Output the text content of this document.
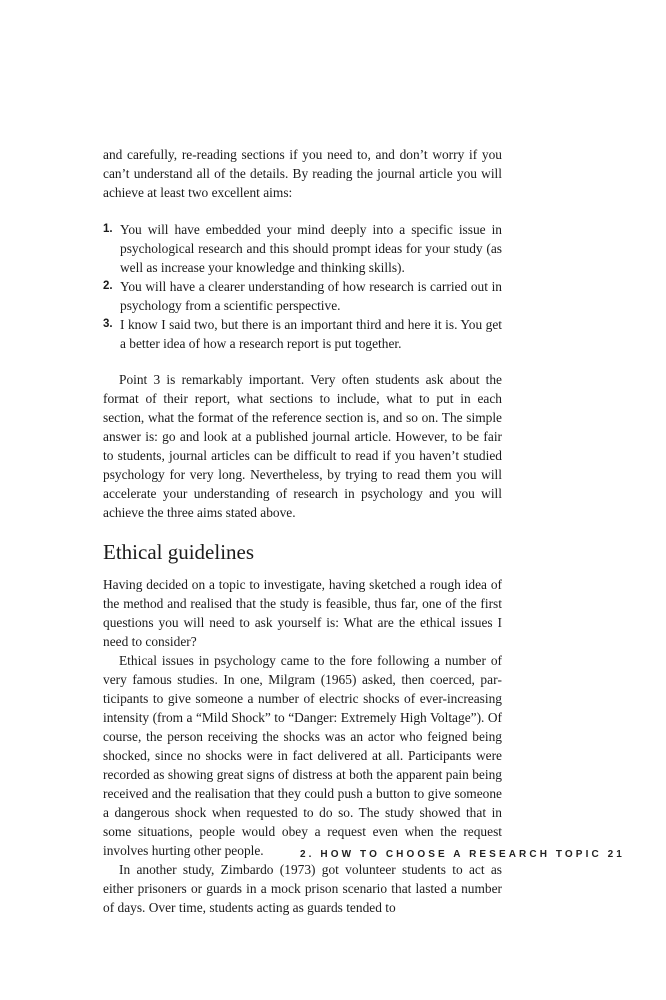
and carefully, re-reading sections if you need to, and don’t worry if you can’t understand all of the details. By reading the journal article you will achieve at least two excellent aims:

1. You will have embedded your mind deeply into a specific issue in psychological research and this should prompt ideas for your study (as well as increase your knowledge and thinking skills).
2. You will have a clearer understanding of how research is carried out in psychology from a scientific perspective.
3. I know I said two, but there is an important third and here it is. You get a better idea of how a research report is put together.

Point 3 is remarkably important. Very often students ask about the format of their report, what sections to include, what to put in each section, what the format of the reference section is, and so on. The simple answer is: go and look at a published journal article. However, to be fair to students, journal articles can be difficult to read if you haven’t studied psychology for very long. Nevertheless, by trying to read them you will accelerate your understanding of research in psychology and you will achieve the three aims stated above.

Ethical guidelines

Having decided on a topic to investigate, having sketched a rough idea of the method and realised that the study is feasible, thus far, one of the first questions you will need to ask yourself is: What are the ethical issues I need to consider?

Ethical issues in psychology came to the fore following a number of very famous studies. In one, Milgram (1965) asked, then coerced, participants to give someone a number of electric shocks of ever-increasing intensity (from a “Mild Shock” to “Danger: Extremely High Voltage”). Of course, the person receiving the shocks was an actor who feigned being shocked, since no shocks were in fact delivered at all. Participants were recorded as showing great signs of distress at both the apparent pain being received and the realisation that they could push a button to give someone a dangerous shock when requested to do so. The study showed that in some situations, people would obey a request even when the request involves hurting other people.

In another study, Zimbardo (1973) got volunteer students to act as either prisoners or guards in a mock prison scenario that lasted a number of days. Over time, students acting as guards tended to

2. HOW TO CHOOSE A RESEARCH TOPIC 21
